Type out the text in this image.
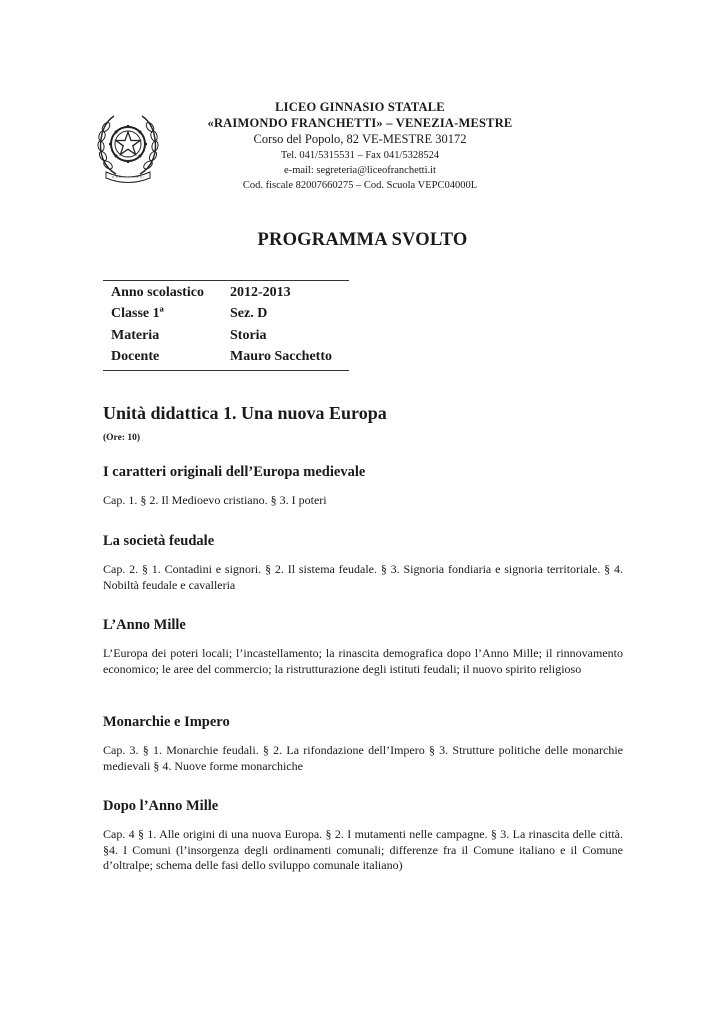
LICEO GINNASIO STATALE
«RAIMONDO FRANCHETTI» – VENEZIA-MESTRE
Corso del Popolo, 82 VE-MESTRE 30172
Tel. 041/5315531 – Fax 041/5328524
e-mail: segreteria@liceofranchetti.it
Cod. fiscale 82007660275 – Cod. Scuola VEPC04000L
PROGRAMMA SVOLTO
Anno scolastico	2012-2013
Classe 1ª	Sez. D
Materia	Storia
Docente	Mauro Sacchetto
Unità didattica 1. Una nuova Europa
(Ore: 10)
I caratteri originali dell’Europa medievale

Cap. 1. § 2. Il Medioevo cristiano. § 3. I poteri

La società feudale

Cap. 2. § 1. Contadini e signori. § 2. Il sistema feudale. § 3. Signoria fondiaria e signoria territoriale. § 4. Nobiltà feudale e cavalleria

L’Anno Mille

L’Europa dei poteri locali; l’incastellamento; la rinascita demografica dopo l’Anno Mille; il rinnovamento economico; le aree del commercio; la ristrutturazione degli istituti feudali; il nuovo spirito religioso

Monarchie e Impero

Cap. 3. § 1. Monarchie feudali. § 2. La rifondazione dell’Impero § 3. Strutture politiche delle monarchie medievali § 4. Nuove forme monarchiche

Dopo l’Anno Mille

Cap. 4 § 1. Alle origini di una nuova Europa. § 2. I mutamenti nelle campagne. § 3. La rinascita delle città. §4. I Comuni (l’insorgenza degli ordinamenti comunali; differenze fra il Comune italiano e il Comune d’oltralpe; schema delle fasi dello sviluppo comunale italiano)
